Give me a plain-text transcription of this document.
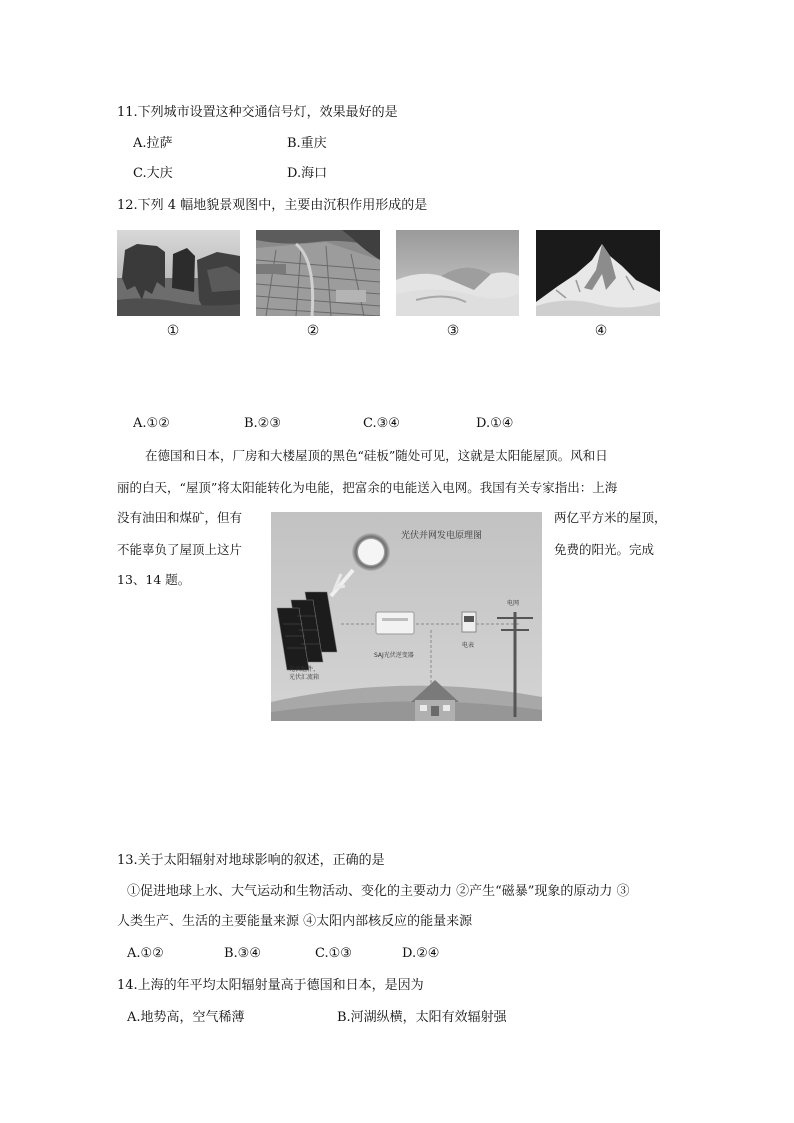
11.下列城市设置这种交通信号灯，效果最好的是
A.拉萨	B.重庆
C.大庆	D.海口
12.下列 4 幅地貌景观图中，主要由沉积作用形成的是
①	②	③	④
A.①②	B.②③	C.③④	D.①④
在德国和日本，厂房和大楼屋顶的黑色“硅板”随处可见，这就是太阳能屋顶。风和日
丽的白天，“屋顶”将太阳能转化为电能，把富余的电能送入电网。我国有关专家指出：上海
没有油田和煤矿，但有	两亿平方米的屋顶，
不能辜负了屋顶上这片	免费的阳光。完成
13、14 题。
光伏并网发电原理图
电网
SAJ光伏逆变器
电表
光伏组件、
光伏汇流箱
13.关于太阳辐射对地球影响的叙述，正确的是
①促进地球上水、大气运动和生物活动、变化的主要动力 ②产生“磁暴”现象的原动力 ③
人类生产、生活的主要能量来源 ④太阳内部核反应的能量来源
A.①②	B.③④	C.①③	D.②④
14.上海的年平均太阳辐射量高于德国和日本，是因为
A.地势高，空气稀薄	B.河湖纵横，太阳有效辐射强
